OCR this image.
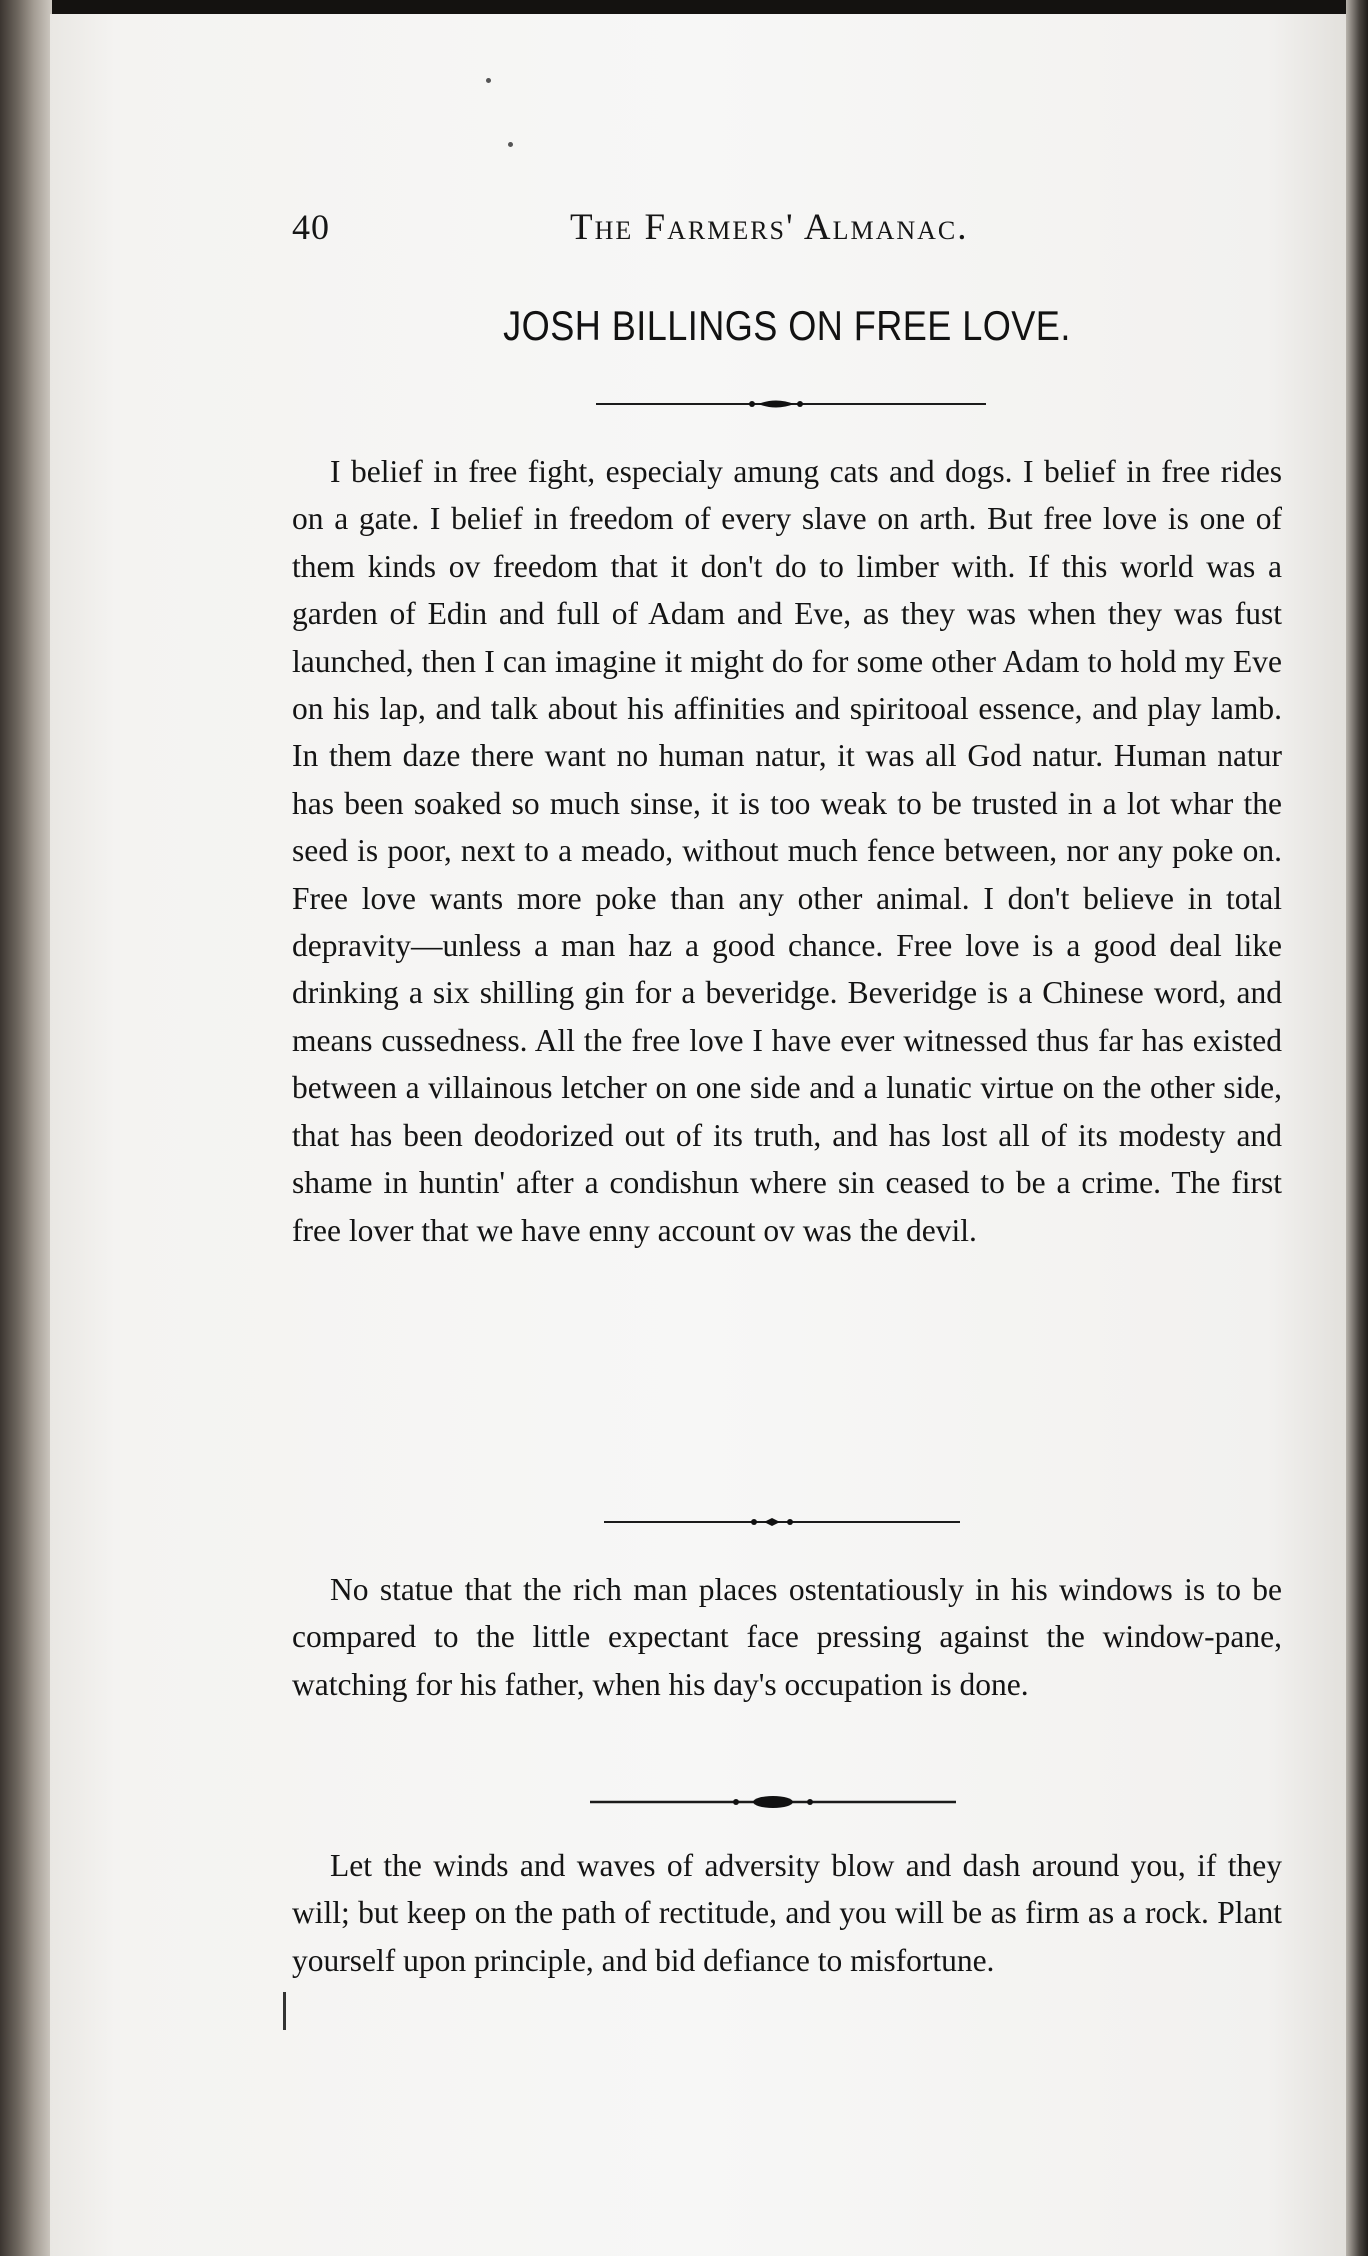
40	The Farmers' Almanac.
JOSH BILLINGS ON FREE LOVE.

I belief in free fight, especialy amung cats and dogs. I belief in free rides on a gate. I belief in freedom of every slave on arth. But free love is one of them kinds ov freedom that it don't do to limber with. If this world was a garden of Edin and full of Adam and Eve, as they was when they was fust launched, then I can imagine it might do for some other Adam to hold my Eve on his lap, and talk about his affinities and spiritooal essence, and play lamb. In them daze there want no human natur, it was all God natur. Human natur has been soaked so much sinse, it is too weak to be trusted in a lot whar the seed is poor, next to a meado, without much fence between, nor any poke on. Free love wants more poke than any other animal. I don't believe in total depravity—unless a man haz a good chance. Free love is a good deal like drinking a six shilling gin for a beveridge. Beveridge is a Chinese word, and means cussedness. All the free love I have ever witnessed thus far has existed between a villainous letcher on one side and a lunatic virtue on the other side, that has been deodorized out of its truth, and has lost all of its modesty and shame in huntin' after a condishun where sin ceased to be a crime. The first free lover that we have enny account ov was the devil.

No statue that the rich man places ostentatiously in his windows is to be compared to the little expectant face pressing against the window-pane, watching for his father, when his day's occupation is done.

Let the winds and waves of adversity blow and dash around you, if they will; but keep on the path of rectitude, and you will be as firm as a rock. Plant yourself upon principle, and bid defiance to misfortune.
